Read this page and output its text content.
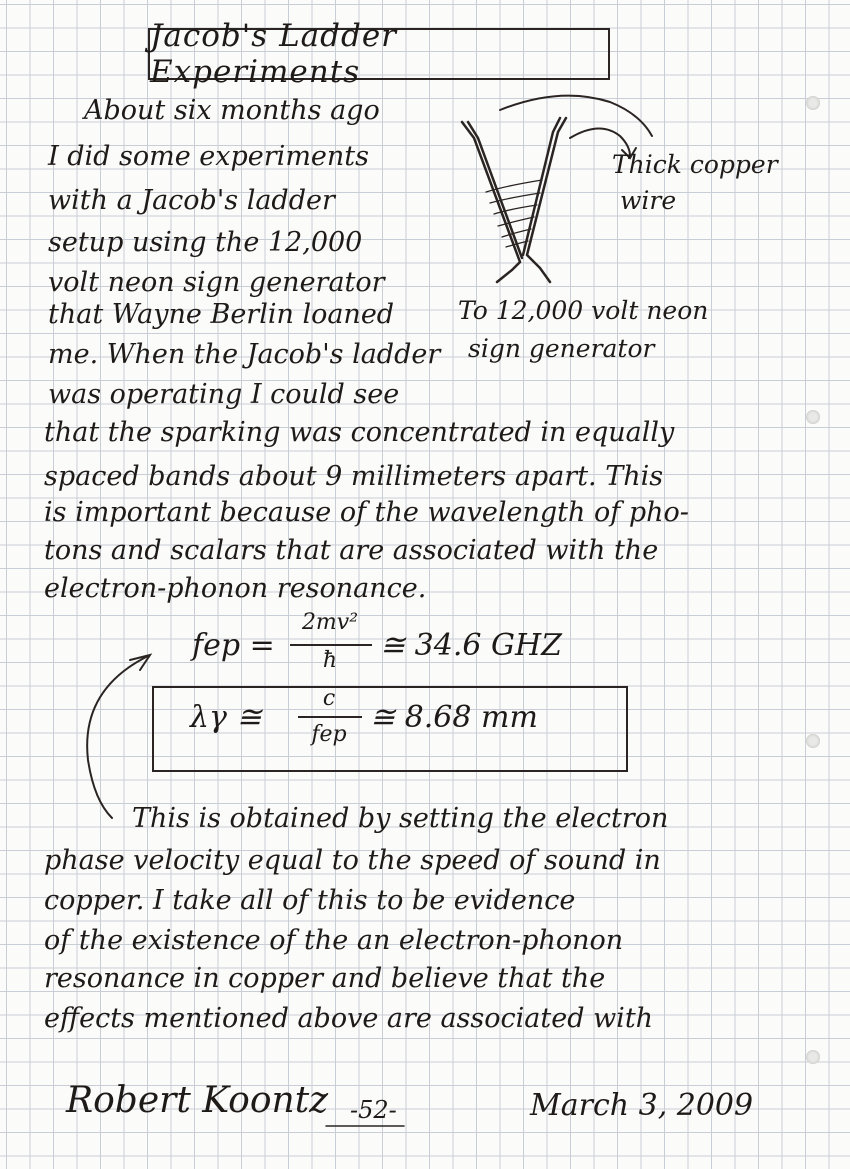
Jacob's Ladder Experiments
About six months ago
I did some experiments
with a Jacob's ladder
setup using the 12,000
volt neon sign generator
that Wayne Berlin loaned
me. When the Jacob's ladder
was operating I could see
Thick copper
wire
To 12,000 volt neon
sign generator
that the sparking was concentrated in equally
spaced bands about 9 millimeters apart. This
is important because of the wavelength of pho-
tons and scalars that are associated with the
electron-phonon resonance.
fep =
2mv²
ħ	≅ 34.6 GHZ
λγ ≅
c
fep ≅ 8.68 mm
This is obtained by setting the electron
phase velocity equal to the speed of sound in
copper. I take all of this to be evidence
of the existence of the an electron-phonon
resonance in copper and believe that the
effects mentioned above are associated with
Robert Koontz -52-	March 3, 2009
